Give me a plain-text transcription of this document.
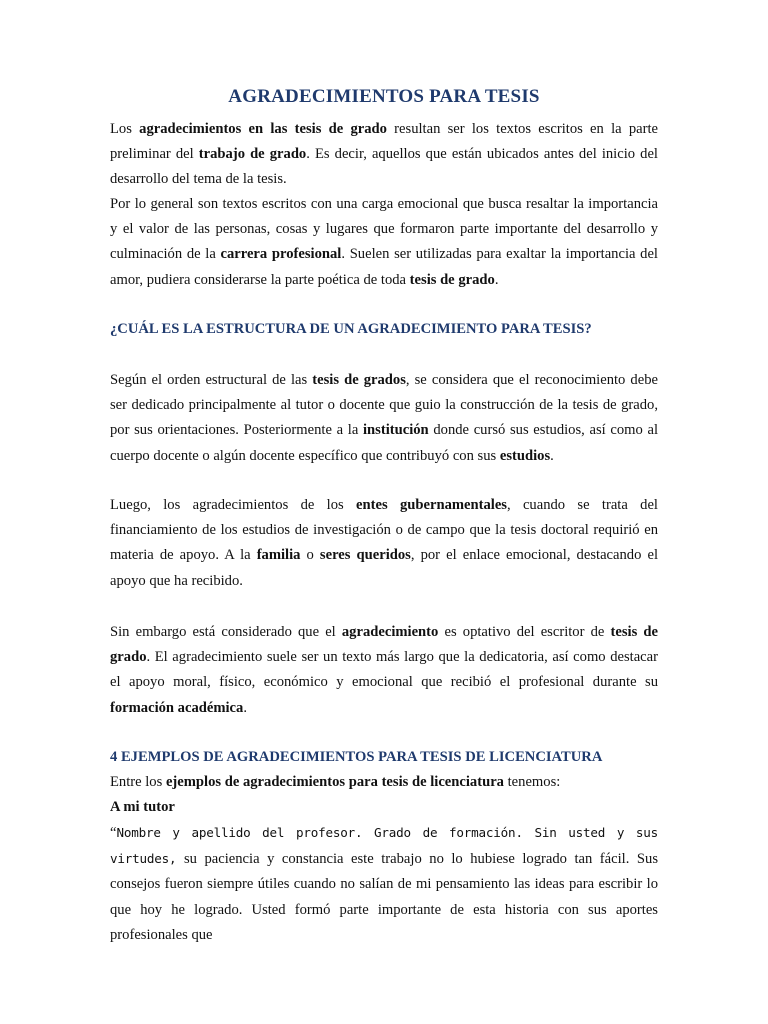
AGRADECIMIENTOS PARA TESIS
Los agradecimientos en las tesis de grado resultan ser los textos escritos en la parte preliminar del trabajo de grado. Es decir, aquellos que están ubicados antes del inicio del desarrollo del tema de la tesis.
Por lo general son textos escritos con una carga emocional que busca resaltar la importancia y el valor de las personas, cosas y lugares que formaron parte importante del desarrollo y culminación de la carrera profesional. Suelen ser utilizadas para exaltar la importancia del amor, pudiera considerarse la parte poética de toda tesis de grado.
¿CUÁL ES LA ESTRUCTURA DE UN AGRADECIMIENTO PARA TESIS?
Según el orden estructural de las tesis de grados, se considera que el reconocimiento debe ser dedicado principalmente al tutor o docente que guio la construcción de la tesis de grado, por sus orientaciones. Posteriormente a la institución donde cursó sus estudios, así como al cuerpo docente o algún docente específico que contribuyó con sus estudios.
Luego, los agradecimientos de los entes gubernamentales, cuando se trata del financiamiento de los estudios de investigación o de campo que la tesis doctoral requirió en materia de apoyo. A la familia o seres queridos, por el enlace emocional, destacando el apoyo que ha recibido.
Sin embargo está considerado que el agradecimiento es optativo del escritor de tesis de grado. El agradecimiento suele ser un texto más largo que la dedicatoria, así como destacar el apoyo moral, físico, económico y emocional que recibió el profesional durante su formación académica.
4 EJEMPLOS DE AGRADECIMIENTOS PARA TESIS DE LICENCIATURA
Entre los ejemplos de agradecimientos para tesis de licenciatura tenemos:
A mi tutor
“Nombre y apellido del profesor. Grado de formación. Sin usted y sus virtudes, su paciencia y constancia este trabajo no lo hubiese logrado tan fácil. Sus consejos fueron siempre útiles cuando no salían de mi pensamiento las ideas para escribir lo que hoy he logrado. Usted formó parte importante de esta historia con sus aportes profesionales que
